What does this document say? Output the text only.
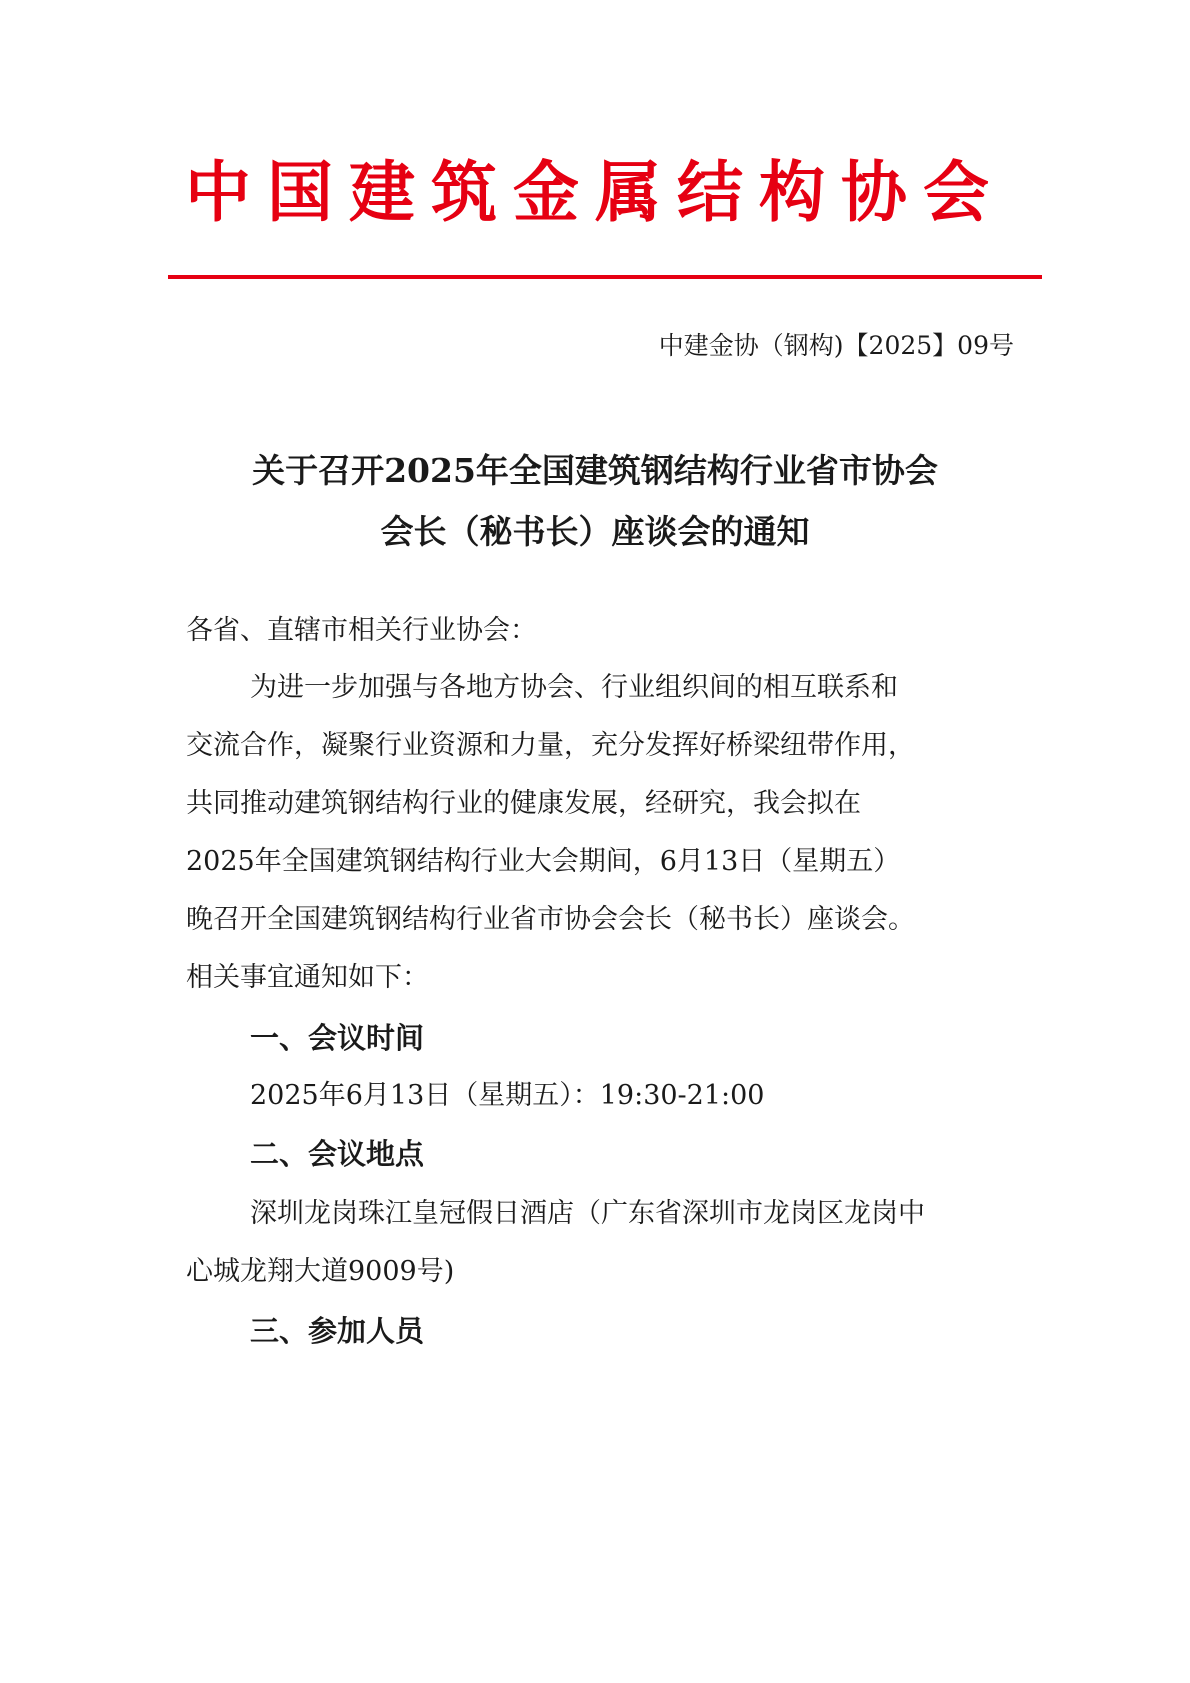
中国建筑金属结构协会
中建金协（钢构)【2025】09号
关于召开2025年全国建筑钢结构行业省市协会
会长（秘书长）座谈会的通知
各省、直辖市相关行业协会：
为进一步加强与各地方协会、行业组织间的相互联系和
交流合作，凝聚行业资源和力量，充分发挥好桥梁纽带作用，
共同推动建筑钢结构行业的健康发展，经研究，我会拟在
2025年全国建筑钢结构行业大会期间，6月13日（星期五）
晚召开全国建筑钢结构行业省市协会会长（秘书长）座谈会。
相关事宜通知如下：
一、会议时间
2025年6月13日（星期五）：19:30-21:00
二、会议地点
深圳龙岗珠江皇冠假日酒店（广东省深圳市龙岗区龙岗中
心城龙翔大道9009号)
三、参加人员
